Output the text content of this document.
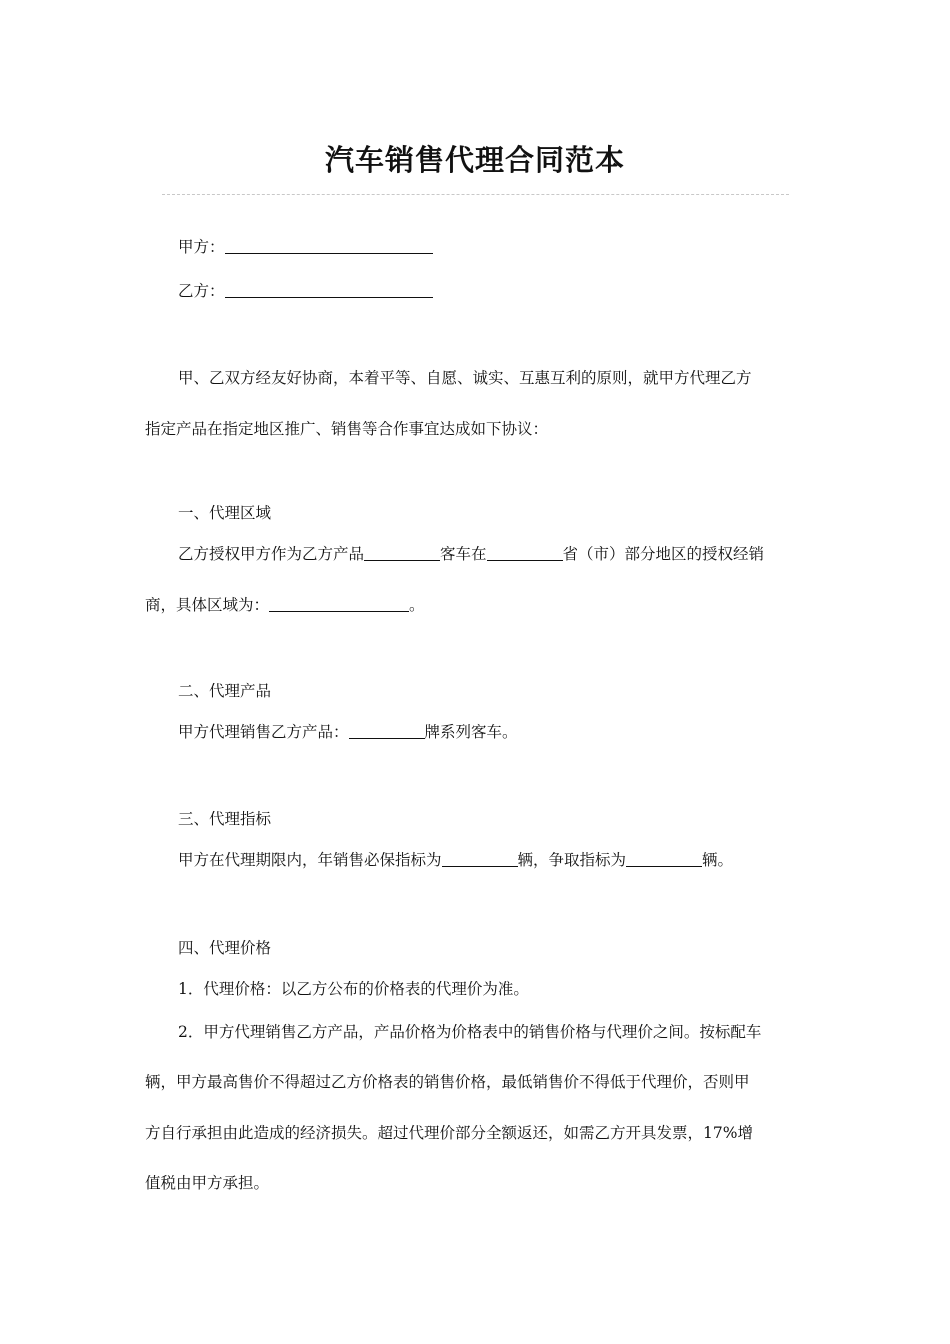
汽车销售代理合同范本
甲方：
乙方：
甲、乙双方经友好协商，本着平等、自愿、诚实、互惠互利的原则，就甲方代理乙方
指定产品在指定地区推广、销售等合作事宜达成如下协议：
一、代理区域
乙方授权甲方作为乙方产品	客车在	省（市）部分地区的授权经销
商，具体区域为：	。
二、代理产品
甲方代理销售乙方产品：	牌系列客车。
三、代理指标
甲方在代理期限内，年销售必保指标为	辆，争取指标为	辆。
四、代理价格
1．代理价格：以乙方公布的价格表的代理价为准。
2．甲方代理销售乙方产品，产品价格为价格表中的销售价格与代理价之间。按标配车
辆，甲方最高售价不得超过乙方价格表的销售价格，最低销售价不得低于代理价，否则甲
方自行承担由此造成的经济损失。超过代理价部分全额返还，如需乙方开具发票，17%增
值税由甲方承担。
